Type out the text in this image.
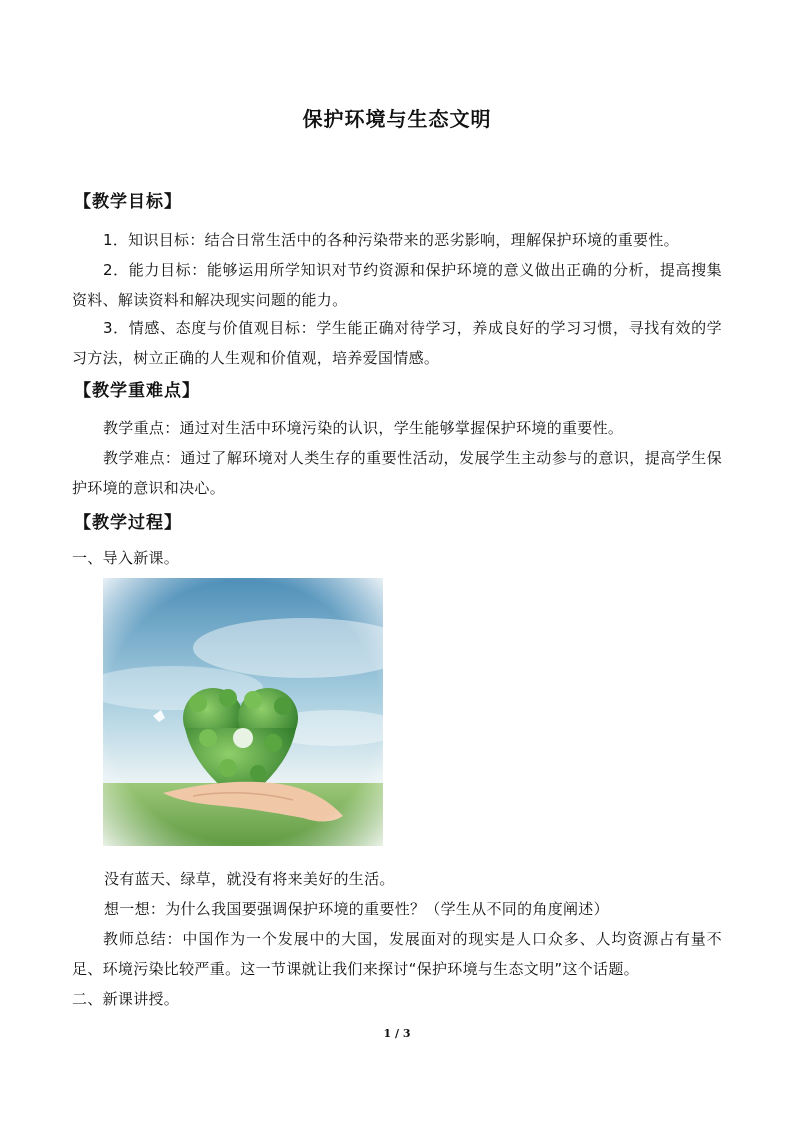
保护环境与生态文明
【教学目标】
1．知识目标：结合日常生活中的各种污染带来的恶劣影响，理解保护环境的重要性。
2．能力目标：能够运用所学知识对节约资源和保护环境的意义做出正确的分析，提高搜集资料、解读资料和解决现实问题的能力。
3．情感、态度与价值观目标：学生能正确对待学习，养成良好的学习习惯，寻找有效的学习方法，树立正确的人生观和价值观，培养爱国情感。
【教学重难点】
教学重点：通过对生活中环境污染的认识，学生能够掌握保护环境的重要性。
教学难点：通过了解环境对人类生存的重要性活动，发展学生主动参与的意识，提高学生保护环境的意识和决心。
【教学过程】
一、导入新课。
没有蓝天、绿草，就没有将来美好的生活。
想一想：为什么我国要强调保护环境的重要性？（学生从不同的角度阐述）
教师总结：中国作为一个发展中的大国，发展面对的现实是人口众多、人均资源占有量不足、环境污染比较严重。这一节课就让我们来探讨“保护环境与生态文明”这个话题。
二、新课讲授。
1 / 3
